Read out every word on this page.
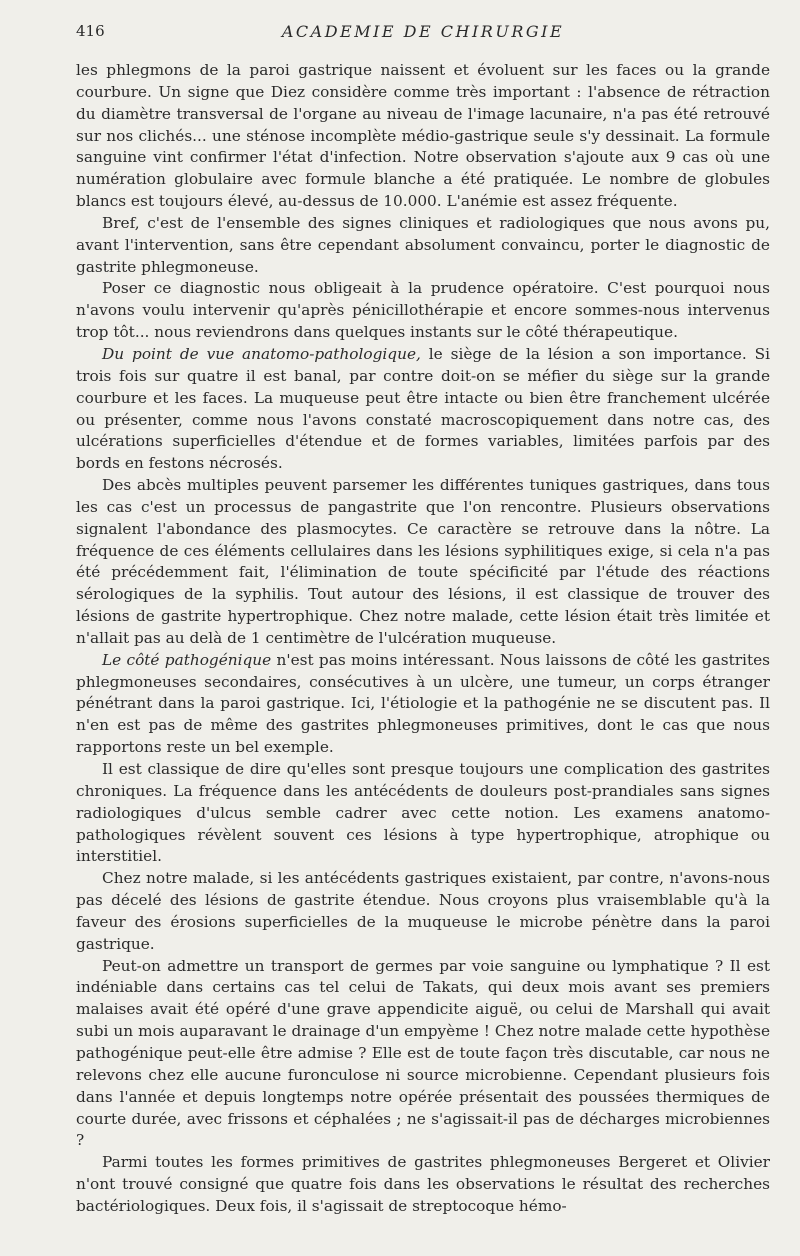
416	ACADEMIE DE CHIRURGIE

les phlegmons de la paroi gastrique naissent et évoluent sur les faces ou la grande courbure. Un signe que Diez considère comme très important : l'absence de rétraction du diamètre transversal de l'organe au niveau de l'image lacunaire, n'a pas été retrouvé sur nos clichés... une sténose incomplète médio-gastrique seule s'y dessinait. La formule sanguine vint confirmer l'état d'infection. Notre observation s'ajoute aux 9 cas où une numération globulaire avec formule blanche a été pratiquée. Le nombre de globules blancs est toujours élevé, au-dessus de 10.000. L'anémie est assez fréquente.

Bref, c'est de l'ensemble des signes cliniques et radiologiques que nous avons pu, avant l'intervention, sans être cependant absolument convaincu, porter le diagnostic de gastrite phlegmoneuse.

Poser ce diagnostic nous obligeait à la prudence opératoire. C'est pourquoi nous n'avons voulu intervenir qu'après pénicillothérapie et encore sommes-nous intervenus trop tôt... nous reviendrons dans quelques instants sur le côté thérapeutique.

Du point de vue anatomo-pathologique, le siège de la lésion a son importance. Si trois fois sur quatre il est banal, par contre doit-on se méfier du siège sur la grande courbure et les faces. La muqueuse peut être intacte ou bien être franchement ulcérée ou présenter, comme nous l'avons constaté macroscopiquement dans notre cas, des ulcérations superficielles d'étendue et de formes variables, limitées parfois par des bords en festons nécrosés.

Des abcès multiples peuvent parsemer les différentes tuniques gastriques, dans tous les cas c'est un processus de pangastrite que l'on rencontre. Plusieurs observations signalent l'abondance des plasmocytes. Ce caractère se retrouve dans la nôtre. La fréquence de ces éléments cellulaires dans les lésions syphilitiques exige, si cela n'a pas été précédemment fait, l'élimination de toute spécificité par l'étude des réactions sérologiques de la syphilis. Tout autour des lésions, il est classique de trouver des lésions de gastrite hypertrophique. Chez notre malade, cette lésion était très limitée et n'allait pas au delà de 1 centimètre de l'ulcération muqueuse.

Le côté pathogénique n'est pas moins intéressant. Nous laissons de côté les gastrites phlegmoneuses secondaires, consécutives à un ulcère, une tumeur, un corps étranger pénétrant dans la paroi gastrique. Ici, l'étiologie et la pathogénie ne se discutent pas. Il n'en est pas de même des gastrites phlegmoneuses primitives, dont le cas que nous rapportons reste un bel exemple.

Il est classique de dire qu'elles sont presque toujours une complication des gastrites chroniques. La fréquence dans les antécédents de douleurs post-prandiales sans signes radiologiques d'ulcus semble cadrer avec cette notion. Les examens anatomo-pathologiques révèlent souvent ces lésions à type hypertrophique, atrophique ou interstitiel.

Chez notre malade, si les antécédents gastriques existaient, par contre, n'avons-nous pas décelé des lésions de gastrite étendue. Nous croyons plus vraisemblable qu'à la faveur des érosions superficielles de la muqueuse le microbe pénètre dans la paroi gastrique.

Peut-on admettre un transport de germes par voie sanguine ou lymphatique ? Il est indéniable dans certains cas tel celui de Takats, qui deux mois avant ses premiers malaises avait été opéré d'une grave appendicite aiguë, ou celui de Marshall qui avait subi un mois auparavant le drainage d'un empyème ! Chez notre malade cette hypothèse pathogénique peut-elle être admise ? Elle est de toute façon très discutable, car nous ne relevons chez elle aucune furonculose ni source microbienne. Cependant plusieurs fois dans l'année et depuis longtemps notre opérée présentait des poussées thermiques de courte durée, avec frissons et céphalées ; ne s'agissait-il pas de décharges microbiennes ?

Parmi toutes les formes primitives de gastrites phlegmoneuses Bergeret et Olivier n'ont trouvé consigné que quatre fois dans les observations le résultat des recherches bactériologiques. Deux fois, il s'agissait de streptocoque hémo-
